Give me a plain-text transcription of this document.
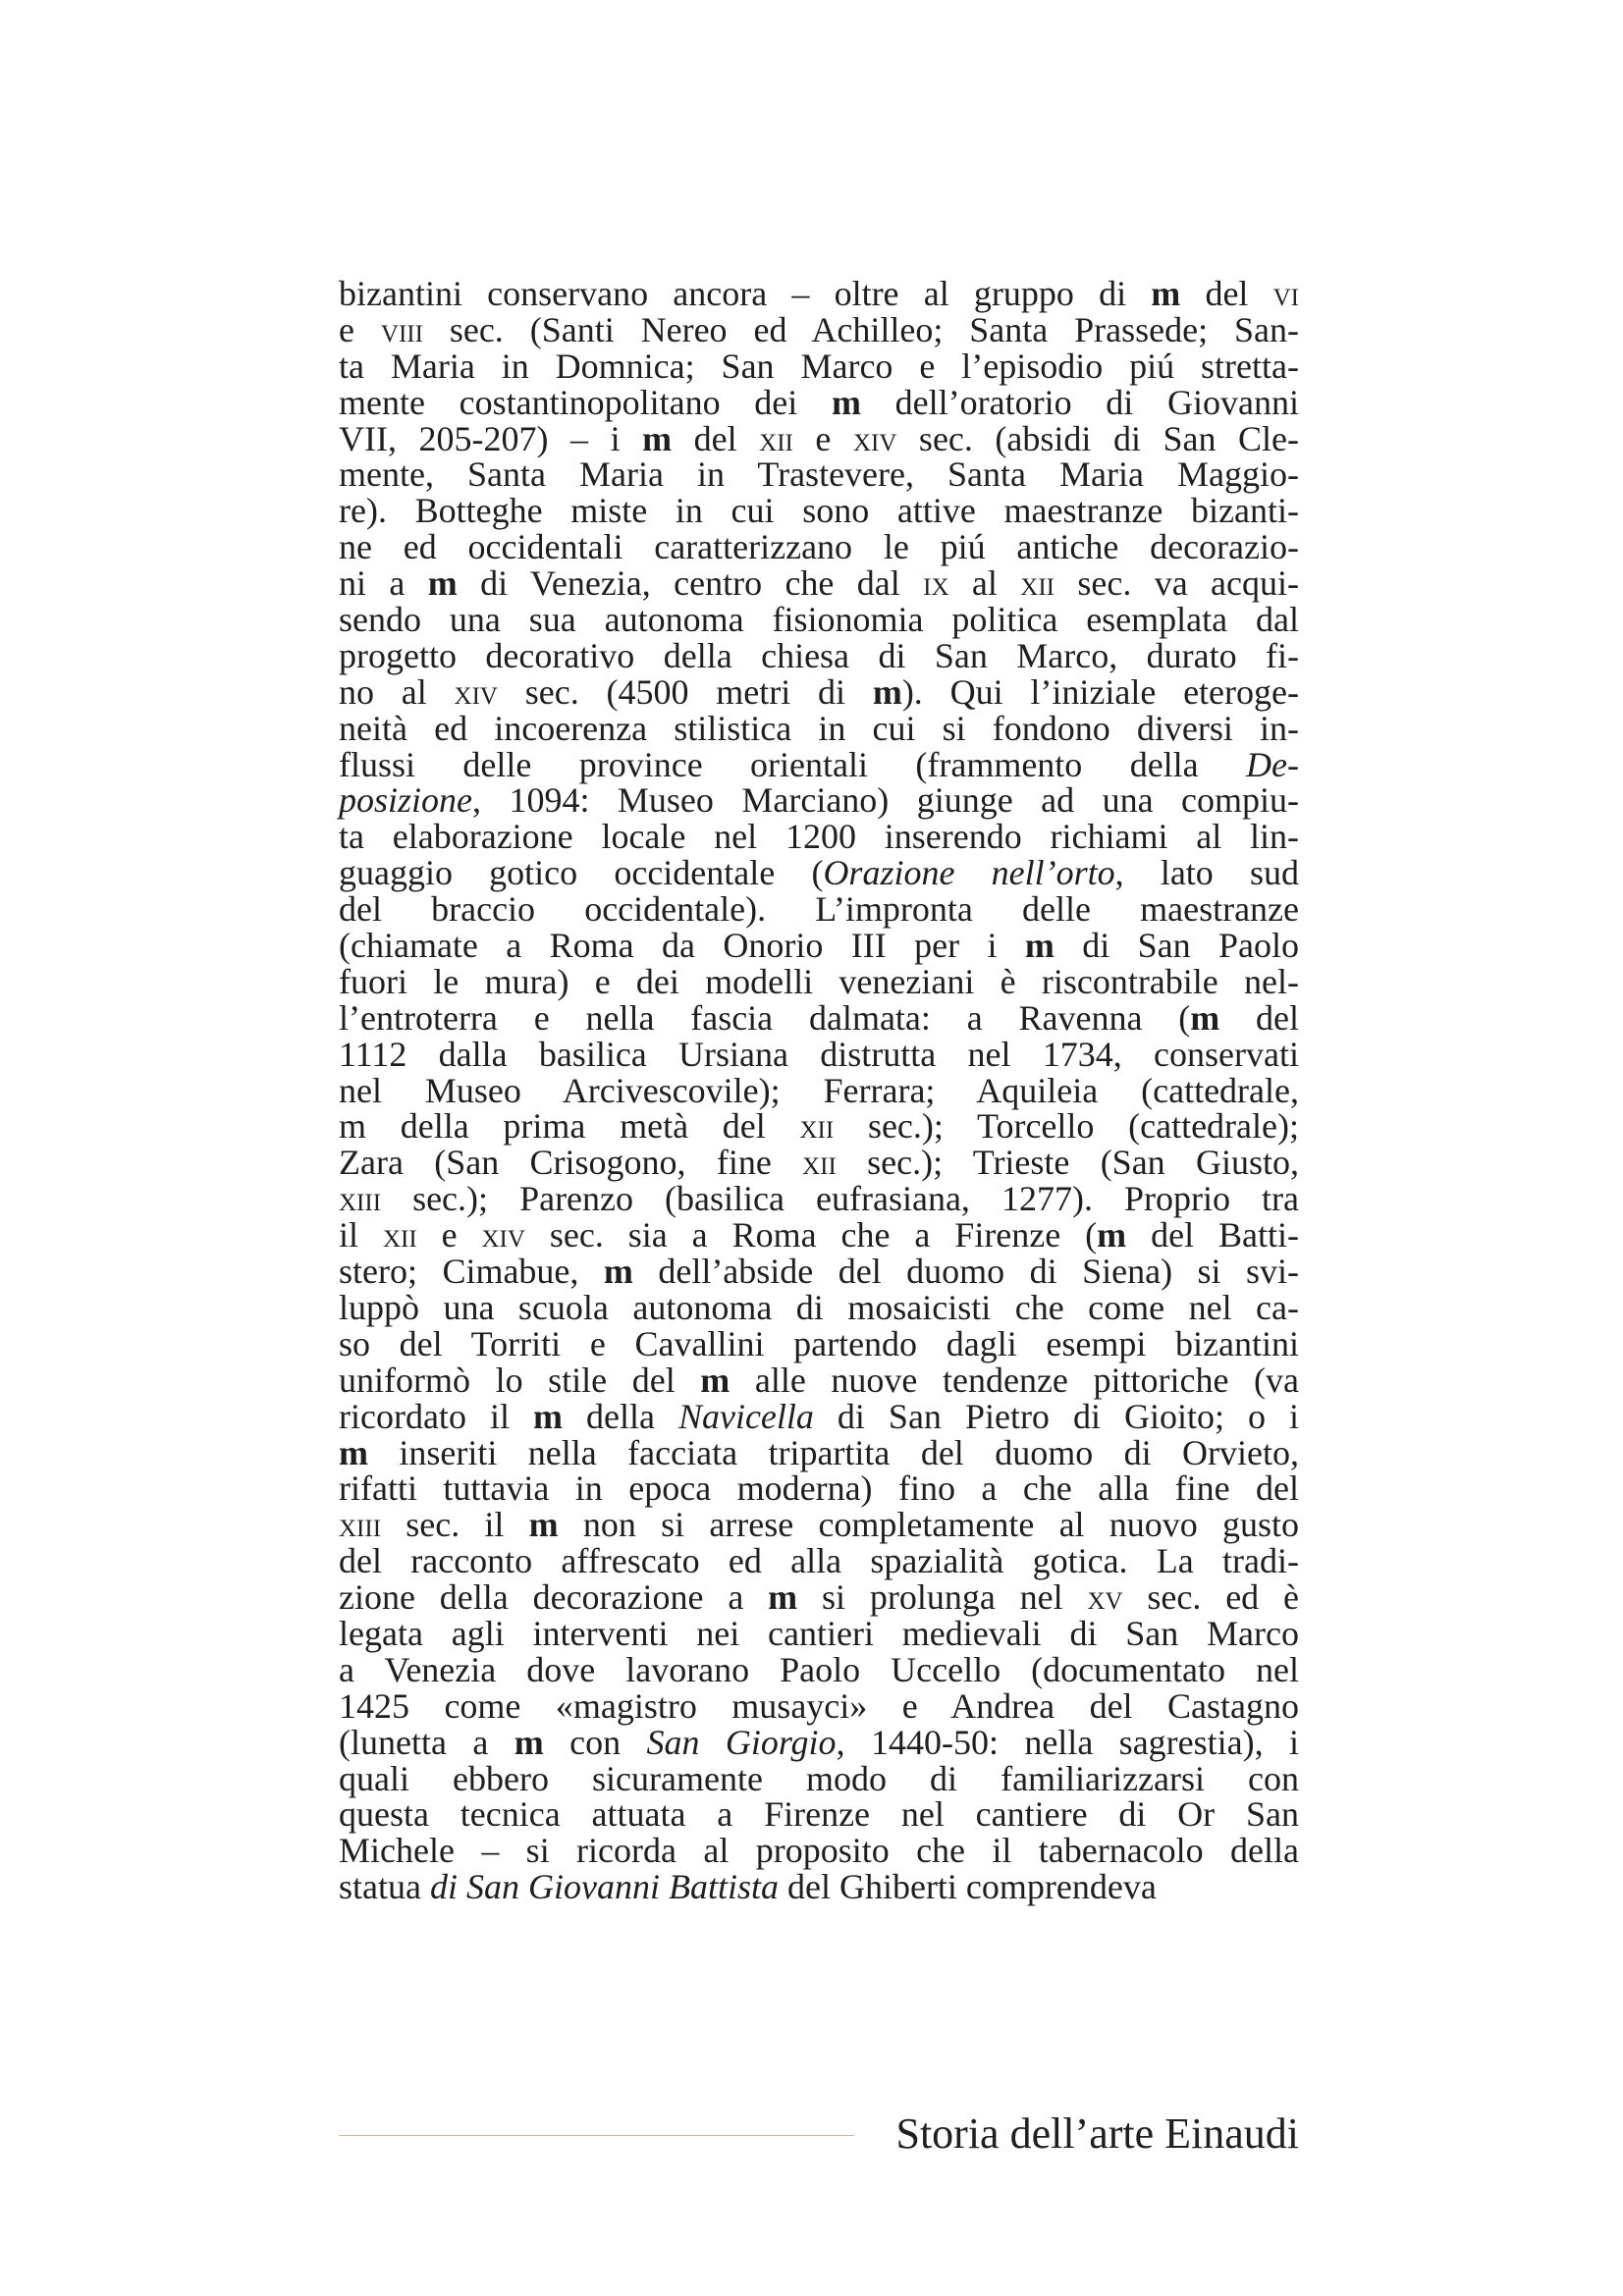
bizantini conservano ancora – oltre al gruppo di m del vi
e viii sec. (Santi Nereo ed Achilleo; Santa Prassede; San-
ta Maria in Domnica; San Marco e l’episodio piú stretta-
mente costantinopolitano dei m dell’oratorio di Giovanni
VII, 205-207) – i m del xii e xiv sec. (absidi di San Cle-
mente, Santa Maria in Trastevere, Santa Maria Maggio-
re). Botteghe miste in cui sono attive maestranze bizanti-
ne ed occidentali caratterizzano le piú antiche decorazio-
ni a m di Venezia, centro che dal ix al xii sec. va acqui-
sendo una sua autonoma fisionomia politica esemplata dal
progetto decorativo della chiesa di San Marco, durato fi-
no al xiv sec. (4500 metri di m). Qui l’iniziale eteroge-
neità ed incoerenza stilistica in cui si fondono diversi in-
flussi delle province orientali (frammento della De-
posizione, 1094: Museo Marciano) giunge ad una compiu-
ta elaborazione locale nel 1200 inserendo richiami al lin-
guaggio gotico occidentale (Orazione nell’orto, lato sud
del braccio occidentale). L’impronta delle maestranze
(chiamate a Roma da Onorio III per i m di San Paolo
fuori le mura) e dei modelli veneziani è riscontrabile nel-
l’entroterra e nella fascia dalmata: a Ravenna (m del
1112 dalla basilica Ursiana distrutta nel 1734, conservati
nel Museo Arcivescovile); Ferrara; Aquileia (cattedrale,
m della prima metà del xii sec.); Torcello (cattedrale);
Zara (San Crisogono, fine xii sec.); Trieste (San Giusto,
xiii sec.); Parenzo (basilica eufrasiana, 1277). Proprio tra
il xii e xiv sec. sia a Roma che a Firenze (m del Batti-
stero; Cimabue, m dell’abside del duomo di Siena) si svi-
luppò una scuola autonoma di mosaicisti che come nel ca-
so del Torriti e Cavallini partendo dagli esempi bizantini
uniformò lo stile del m alle nuove tendenze pittoriche (va
ricordato il m della Navicella di San Pietro di Gioito; o i
m inseriti nella facciata tripartita del duomo di Orvieto,
rifatti tuttavia in epoca moderna) fino a che alla fine del
xiii sec. il m non si arrese completamente al nuovo gusto
del racconto affrescato ed alla spazialità gotica. La tradi-
zione della decorazione a m si prolunga nel xv sec. ed è
legata agli interventi nei cantieri medievali di San Marco
a Venezia dove lavorano Paolo Uccello (documentato nel
1425 come «magistro musayci» e Andrea del Castagno
(lunetta a m con San Giorgio, 1440-50: nella sagrestia), i
quali ebbero sicuramente modo di familiarizzarsi con
questa tecnica attuata a Firenze nel cantiere di Or San
Michele – si ricorda al proposito che il tabernacolo della
statua di San Giovanni Battista del Ghiberti comprendeva
Storia dell’arte Einaudi
